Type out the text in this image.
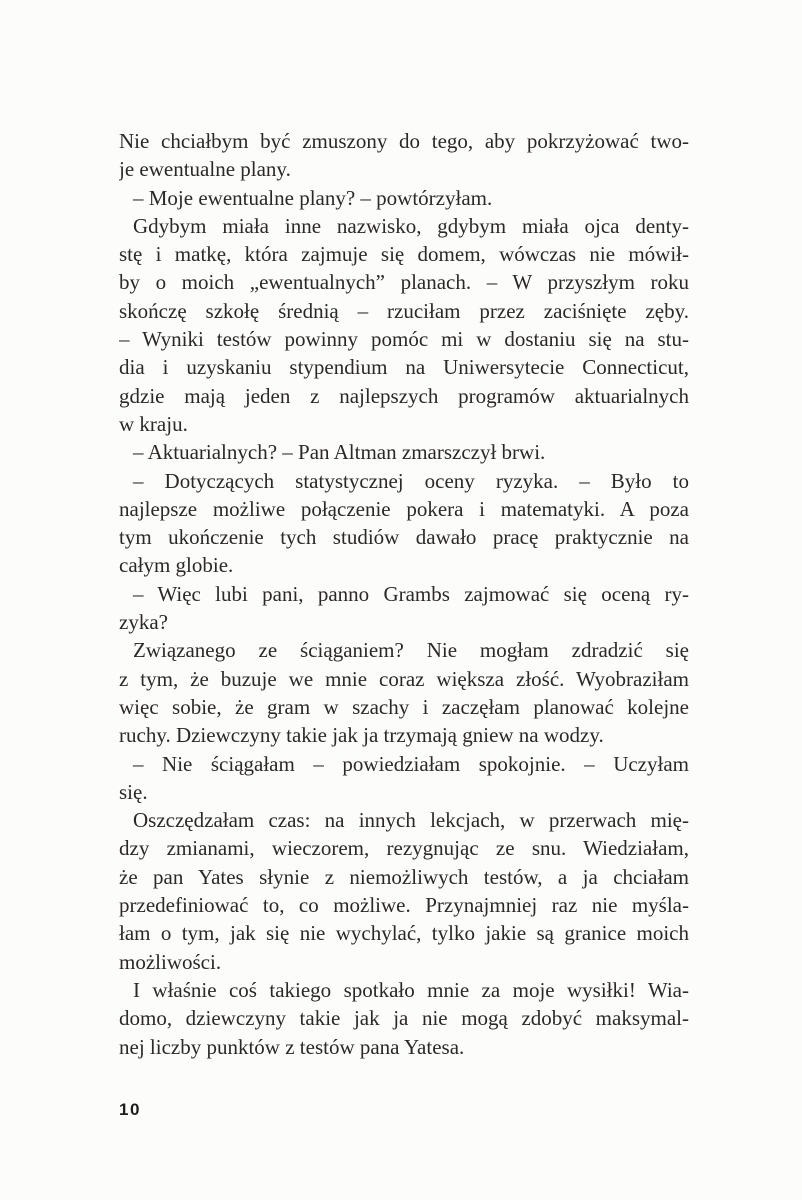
Nie chciałbym być zmuszony do tego, aby pokrzyżować two-
je ewentualne plany.
– Moje ewentualne plany? – powtórzyłam.
Gdybym miała inne nazwisko, gdybym miała ojca denty-
stę i matkę, która zajmuje się domem, wówczas nie mówił-
by o moich „ewentualnych” planach. – W przyszłym roku
skończę szkołę średnią – rzuciłam przez zaciśnięte zęby.
– Wyniki testów powinny pomóc mi w dostaniu się na stu-
dia i uzyskaniu stypendium na Uniwersytecie Connecticut,
gdzie mają jeden z najlepszych programów aktuarialnych
w kraju.
– Aktuarialnych? – Pan Altman zmarszczył brwi.
– Dotyczących statystycznej oceny ryzyka. – Było to
najlepsze możliwe połączenie pokera i matematyki. A poza
tym ukończenie tych studiów dawało pracę praktycznie na
całym globie.
– Więc lubi pani, panno Grambs zajmować się oceną ry-
zyka?
Związanego ze ściąganiem? Nie mogłam zdradzić się
z tym, że buzuje we mnie coraz większa złość. Wyobraziłam
więc sobie, że gram w szachy i zaczęłam planować kolejne
ruchy. Dziewczyny takie jak ja trzymają gniew na wodzy.
– Nie ściągałam – powiedziałam spokojnie. – Uczyłam
się.
Oszczędzałam czas: na innych lekcjach, w przerwach mię-
dzy zmianami, wieczorem, rezygnując ze snu. Wiedziałam,
że pan Yates słynie z niemożliwych testów, a ja chciałam
przedefiniować to, co możliwe. Przynajmniej raz nie myśla-
łam o tym, jak się nie wychylać, tylko jakie są granice moich
możliwości.
I właśnie coś takiego spotkało mnie za moje wysiłki! Wia-
domo, dziewczyny takie jak ja nie mogą zdobyć maksymal-
nej liczby punktów z testów pana Yatesa.
10
